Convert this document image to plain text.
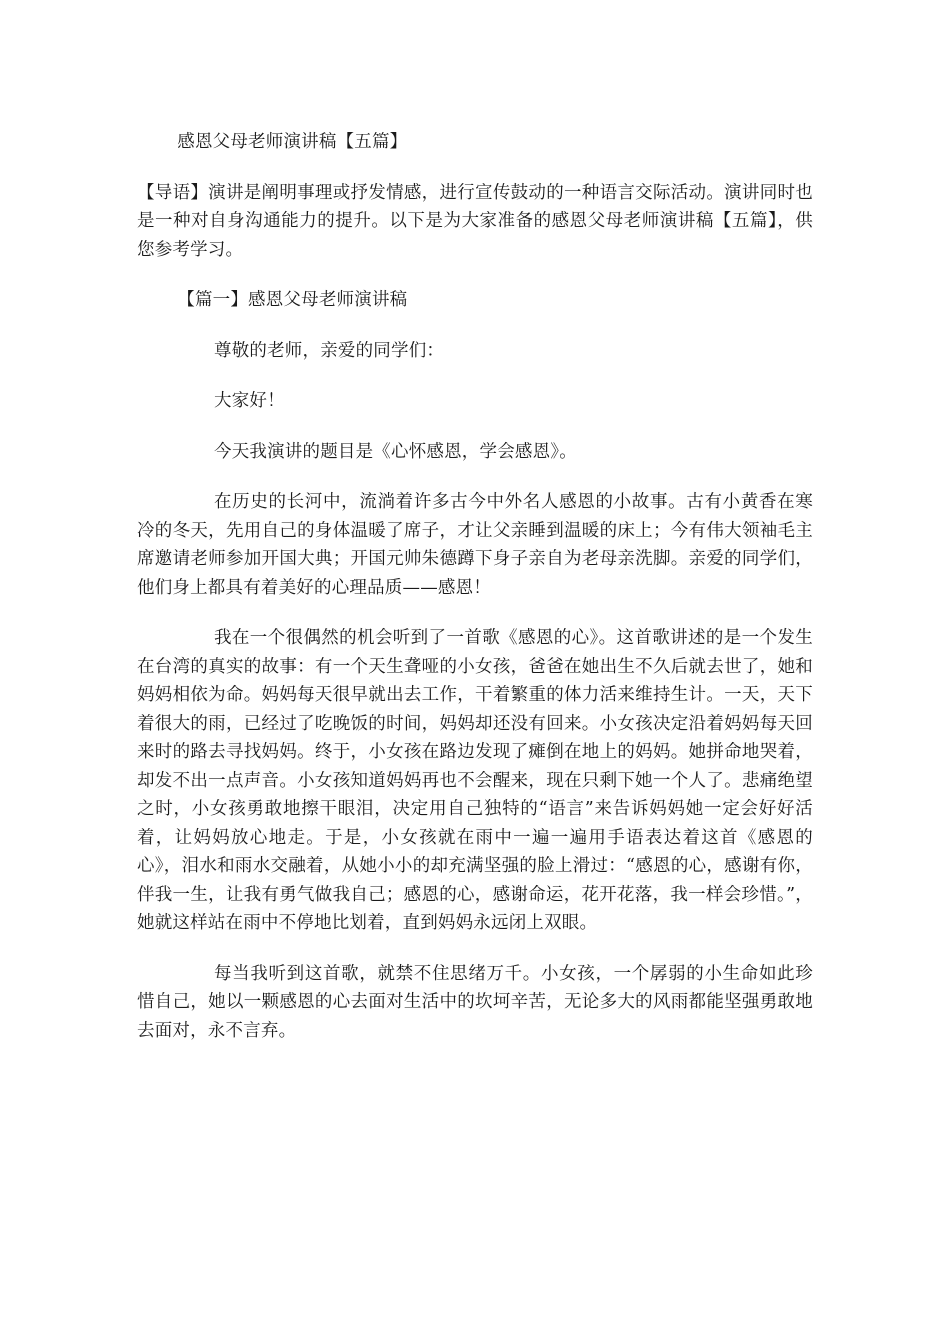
感恩父母老师演讲稿【五篇】

【导语】演讲是阐明事理或抒发情感，进行宣传鼓动的一种语言交际活动。演讲同时也是一种对自身沟通能力的提升。以下是为大家准备的感恩父母老师演讲稿【五篇】，供您参考学习。

【篇一】感恩父母老师演讲稿

尊敬的老师，亲爱的同学们：

大家好！

今天我演讲的题目是《心怀感恩，学会感恩》。

在历史的长河中，流淌着许多古今中外名人感恩的小故事。古有小黄香在寒冷的冬天，先用自己的身体温暖了席子，才让父亲睡到温暖的床上；今有伟大领袖毛主席邀请老师参加开国大典；开国元帅朱德蹲下身子亲自为老母亲洗脚。亲爱的同学们，他们身上都具有着美好的心理品质——感恩！

我在一个很偶然的机会听到了一首歌《感恩的心》。这首歌讲述的是一个发生在台湾的真实的故事：有一个天生聋哑的小女孩，爸爸在她出生不久后就去世了，她和妈妈相依为命。妈妈每天很早就出去工作，干着繁重的体力活来维持生计。一天，天下着很大的雨，已经过了吃晚饭的时间，妈妈却还没有回来。小女孩决定沿着妈妈每天回来时的路去寻找妈妈。终于，小女孩在路边发现了瘫倒在地上的妈妈。她拼命地哭着，却发不出一点声音。小女孩知道妈妈再也不会醒来，现在只剩下她一个人了。悲痛绝望之时，小女孩勇敢地擦干眼泪，决定用自己独特的“语言”来告诉妈妈她一定会好好活着，让妈妈放心地走。于是，小女孩就在雨中一遍一遍用手语表达着这首《感恩的心》，泪水和雨水交融着，从她小小的却充满坚强的脸上滑过：“感恩的心，感谢有你，伴我一生，让我有勇气做我自己；感恩的心，感谢命运，花开花落，我一样会珍惜。”，她就这样站在雨中不停地比划着，直到妈妈永远闭上双眼。

每当我听到这首歌，就禁不住思绪万千。小女孩，一个孱弱的小生命如此珍惜自己，她以一颗感恩的心去面对生活中的坎坷辛苦，无论多大的风雨都能坚强勇敢地去面对，永不言弃。
